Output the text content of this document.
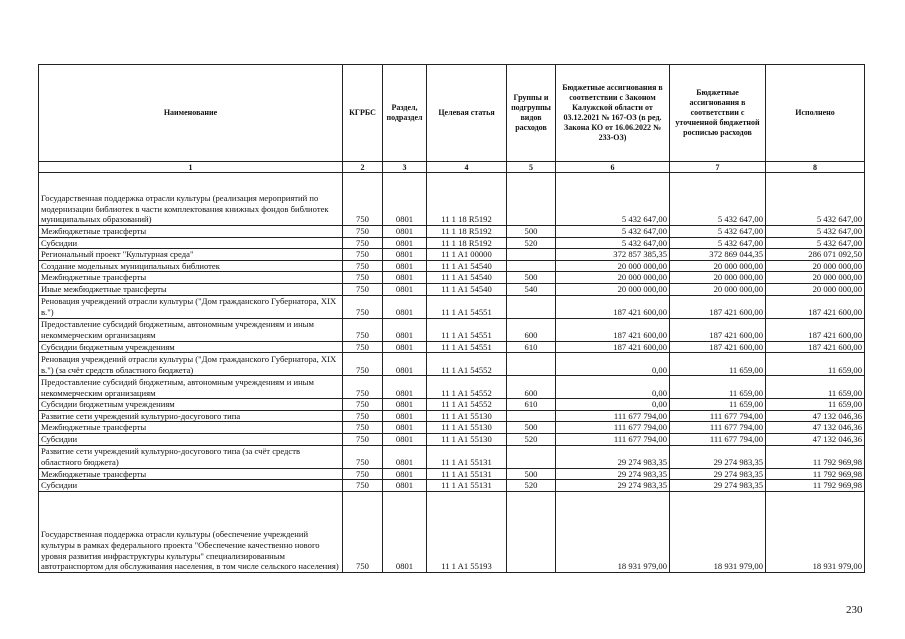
Наименование	КГРБС	Раздел, подраздел	Целевая статья	Группы и подгруппы видов расходов	Бюджетные ассигнования в соответствии с Законом Калужской области от 03.12.2021 № 167-ОЗ (в ред. Закона КО от 16.06.2022 № 233-ОЗ)	Бюджетные ассигнования в соответствии с уточненной бюджетной росписью расходов	Исполнено
1	2	3	4	5	6	7	8
Государственная поддержка отрасли культуры (реализация мероприятий по модернизации библиотек в части комплектования книжных фондов библиотек муниципальных образований)	750	0801	11 1 18 R5192		5 432 647,00	5 432 647,00	5 432 647,00
Межбюджетные трансферты	750	0801	11 1 18 R5192	500	5 432 647,00	5 432 647,00	5 432 647,00
Субсидии	750	0801	11 1 18 R5192	520	5 432 647,00	5 432 647,00	5 432 647,00
Региональный проект "Культурная среда"	750	0801	11 1 A1 00000		372 857 385,35	372 869 044,35	286 071 092,50
Создание модельных муниципальных библиотек	750	0801	11 1 A1 54540		20 000 000,00	20 000 000,00	20 000 000,00
Межбюджетные трансферты	750	0801	11 1 A1 54540	500	20 000 000,00	20 000 000,00	20 000 000,00
Иные межбюджетные трансферты	750	0801	11 1 A1 54540	540	20 000 000,00	20 000 000,00	20 000 000,00
Реновация учреждений отрасли культуры ("Дом гражданского Губернатора, XIX в.")	750	0801	11 1 A1 54551		187 421 600,00	187 421 600,00	187 421 600,00
Предоставление субсидий бюджетным, автономным учреждениям и иным некоммерческим организациям	750	0801	11 1 A1 54551	600	187 421 600,00	187 421 600,00	187 421 600,00
Субсидии бюджетным учреждениям	750	0801	11 1 A1 54551	610	187 421 600,00	187 421 600,00	187 421 600,00
Реновация учреждений отрасли культуры ("Дом гражданского Губернатора, XIX в.") (за счёт средств областного бюджета)	750	0801	11 1 A1 54552		0,00	11 659,00	11 659,00
Предоставление субсидий бюджетным, автономным учреждениям и иным некоммерческим организациям	750	0801	11 1 A1 54552	600	0,00	11 659,00	11 659,00
Субсидии бюджетным учреждениям	750	0801	11 1 A1 54552	610	0,00	11 659,00	11 659,00
Развитие сети учреждений культурно-досугового типа	750	0801	11 1 A1 55130		111 677 794,00	111 677 794,00	47 132 046,36
Межбюджетные трансферты	750	0801	11 1 A1 55130	500	111 677 794,00	111 677 794,00	47 132 046,36
Субсидии	750	0801	11 1 A1 55130	520	111 677 794,00	111 677 794,00	47 132 046,36
Развитие сети учреждений культурно-досугового типа (за счёт средств областного бюджета)	750	0801	11 1 A1 55131		29 274 983,35	29 274 983,35	11 792 969,98
Межбюджетные трансферты	750	0801	11 1 A1 55131	500	29 274 983,35	29 274 983,35	11 792 969,98
Субсидии	750	0801	11 1 A1 55131	520	29 274 983,35	29 274 983,35	11 792 969,98
Государственная поддержка отрасли культуры (обеспечение учреждений культуры в рамках федерального проекта "Обеспечение качественно нового уровня развития инфраструктуры культуры" специализированным автотранспортом для обслуживания населения, в том числе сельского населения)	750	0801	11 1 A1 55193		18 931 979,00	18 931 979,00	18 931 979,00
230
